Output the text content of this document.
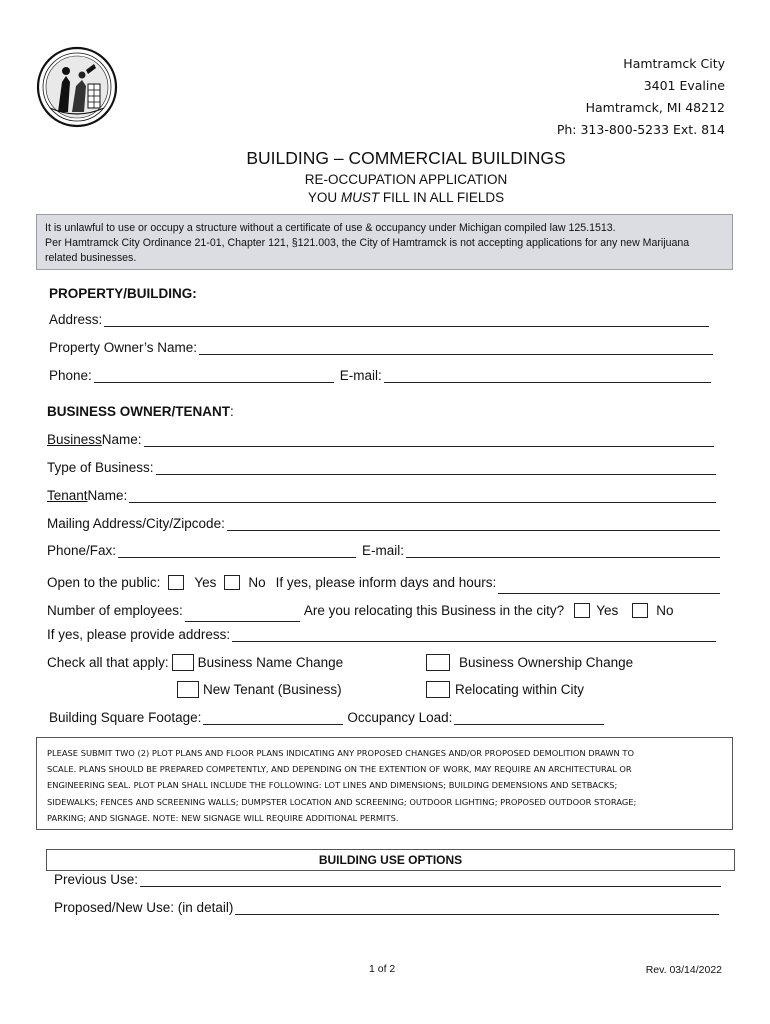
Hamtramck City
3401 Evaline
Hamtramck, MI 48212
Ph: 313-800-5233 Ext. 814
BUILDING – COMMERCIAL BUILDINGS
RE-OCCUPATION APPLICATION
YOU MUST FILL IN ALL FIELDS
It is unlawful to use or occupy a structure without a certificate of use & occupancy under Michigan compiled law 125.1513.
Per Hamtramck City Ordinance 21-01, Chapter 121, §121.003, the City of Hamtramck is not accepting applications for any new Marijuana related businesses.
PROPERTY/BUILDING:
Address:
Property Owner’s Name:
Phone:	E-mail:
BUSINESS OWNER/TENANT:
Business Name:
Type of Business:
Tenant Name:
Mailing Address/City/Zipcode:
Phone/Fax:	E-mail:
Open to the public:	Yes No If yes, please inform days and hours:
Number of employees:	Are you relocating this Business in the city? Yes	No
If yes, please provide address:
Check all that apply: Business Name Change	Business Ownership Change
New Tenant (Business)	Relocating within City
Building Square Footage:	Occupancy Load:
PLEASE SUBMIT TWO (2) PLOT PLANS AND FLOOR PLANS INDICATING ANY PROPOSED CHANGES AND/OR PROPOSED DEMOLITION DRAWN TO
SCALE. PLANS SHOULD BE PREPARED COMPETENTLY, AND DEPENDING ON THE EXTENTION OF WORK, MAY REQUIRE AN ARCHITECTURAL OR
ENGINEERING SEAL. PLOT PLAN SHALL INCLUDE THE FOLLOWING: LOT LINES AND DIMENSIONS; BUILDING DEMENSIONS AND SETBACKS;
SIDEWALKS; FENCES AND SCREENING WALLS; DUMPSTER LOCATION AND SCREENING; OUTDOOR LIGHTING; PROPOSED OUTDOOR STORAGE;
PARKING; AND SIGNAGE. NOTE: NEW SIGNAGE WILL REQUIRE ADDITIONAL PERMITS.
BUILDING USE OPTIONS
Previous Use:
Proposed/New Use: (in detail)
1 of 2	Rev. 03/14/2022
